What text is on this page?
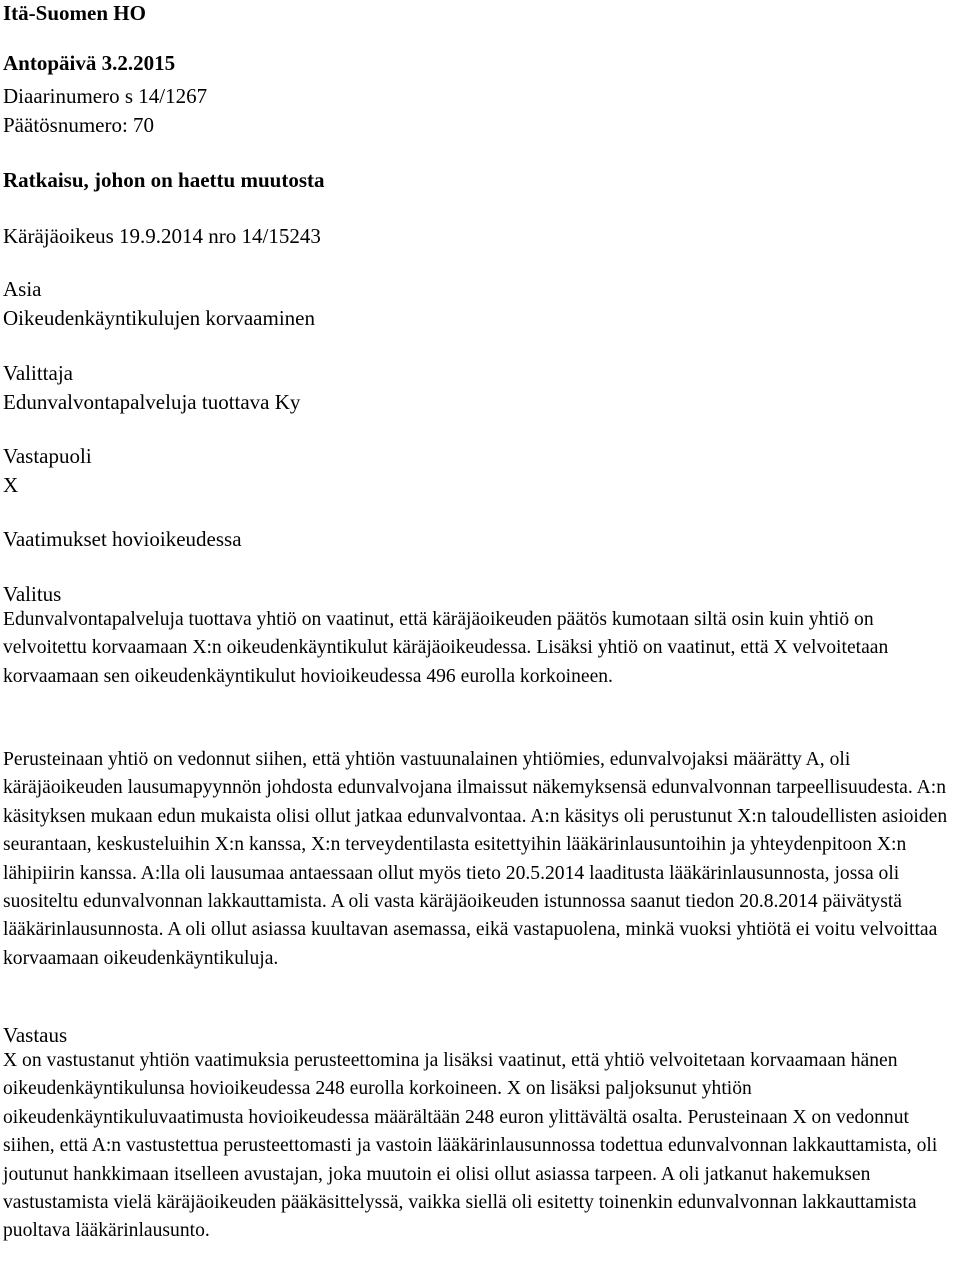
Itä-Suomen HO

Antopäivä 3.2.2015

Diaarinumero s 14/1267

Päätösnumero: 70

Ratkaisu, johon on haettu muutosta

Käräjäoikeus 19.9.2014 nro 14/15243

Asia

Oikeudenkäyntikulujen korvaaminen

Valittaja

Edunvalvontapalveluja tuottava Ky

Vastapuoli

X

Vaatimukset hovioikeudessa

Valitus

Edunvalvontapalveluja tuottava yhtiö on vaatinut, että käräjäoikeuden päätös kumotaan siltä osin kuin yhtiö on velvoitettu korvaamaan X:n oikeudenkäyntikulut käräjäoikeudessa. Lisäksi yhtiö on vaatinut, että X velvoitetaan korvaamaan sen oikeudenkäyntikulut hovioikeudessa 496 eurolla korkoineen.

Perusteinaan yhtiö on vedonnut siihen, että yhtiön vastuunalainen yhtiömies, edunvalvojaksi määrätty A, oli käräjäoikeuden lausumapyynnön johdosta edunvalvojana ilmaissut näkemyksensä edunvalvonnan tarpeellisuudesta. A:n käsityksen mukaan edun mukaista olisi ollut jatkaa edunvalvontaa. A:n käsitys oli perustunut X:n taloudellisten asioiden seurantaan, keskusteluihin X:n kanssa, X:n terveydentilasta esitettyihin lääkärinlausuntoihin ja yhteydenpitoon X:n lähipiirin kanssa. A:lla oli lausumaa antaessaan ollut myös tieto 20.5.2014 laaditusta lääkärinlausunnosta, jossa oli suositeltu edunvalvonnan lakkauttamista. A oli vasta käräjäoikeuden istunnossa saanut tiedon 20.8.2014 päivätystä lääkärinlausunnosta. A oli ollut asiassa kuultavan asemassa, eikä vastapuolena, minkä vuoksi yhtiötä ei voitu velvoittaa korvaamaan oikeudenkäyntikuluja.

Vastaus

X on vastustanut yhtiön vaatimuksia perusteettomina ja lisäksi vaatinut, että yhtiö velvoitetaan korvaamaan hänen oikeudenkäyntikulunsa hovioikeudessa 248 eurolla korkoineen. X on lisäksi paljoksunut yhtiön oikeudenkäyntikuluvaatimusta hovioikeudessa määrältään 248 euron ylittävältä osalta. Perusteinaan X on vedonnut siihen, että A:n vastustettua perusteettomasti ja vastoin lääkärinlausunnossa todettua edunvalvonnan lakkauttamista, oli joutunut hankkimaan itselleen avustajan, joka muutoin ei olisi ollut asiassa tarpeen. A oli jatkanut hakemuksen vastustamista vielä käräjäoikeuden pääkäsittelyssä, vaikka siellä oli esitetty toinenkin edunvalvonnan lakkauttamista puoltava lääkärinlausunto.
